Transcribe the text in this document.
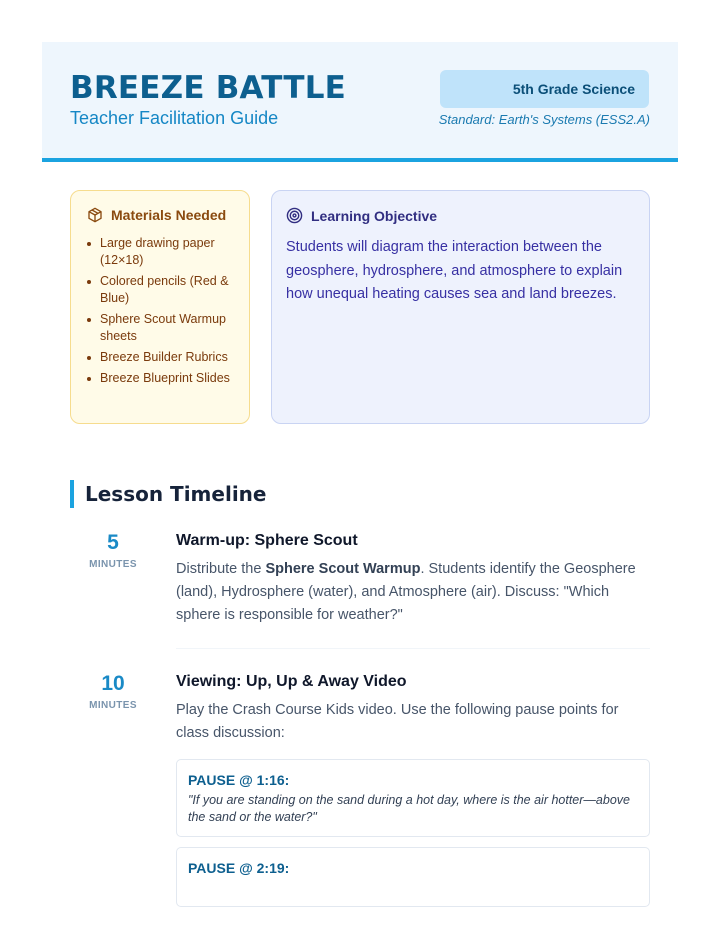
BREEZE BATTLE
Teacher Facilitation Guide
5th Grade Science
Standard: Earth's Systems (ESS2.A)
Materials Needed
Large drawing paper (12×18)
Colored pencils (Red & Blue)
Sphere Scout Warmup sheets
Breeze Builder Rubrics
Breeze Blueprint Slides
Learning Objective

Students will diagram the interaction between the geosphere, hydrosphere, and atmosphere to explain how unequal heating causes sea and land breezes.

Lesson Timeline
5
MINUTES
Warm-up: Sphere Scout
Distribute the Sphere Scout Warmup. Students identify the Geosphere (land), Hydrosphere (water), and Atmosphere (air). Discuss: "Which sphere is responsible for weather?"
10
MINUTES
Viewing: Up, Up & Away Video
Play the Crash Course Kids video. Use the following pause points for class discussion:
PAUSE @ 1:16:
"If you are standing on the sand during a hot day, where is the air hotter—above the sand or the water?"
PAUSE @ 2:19:
